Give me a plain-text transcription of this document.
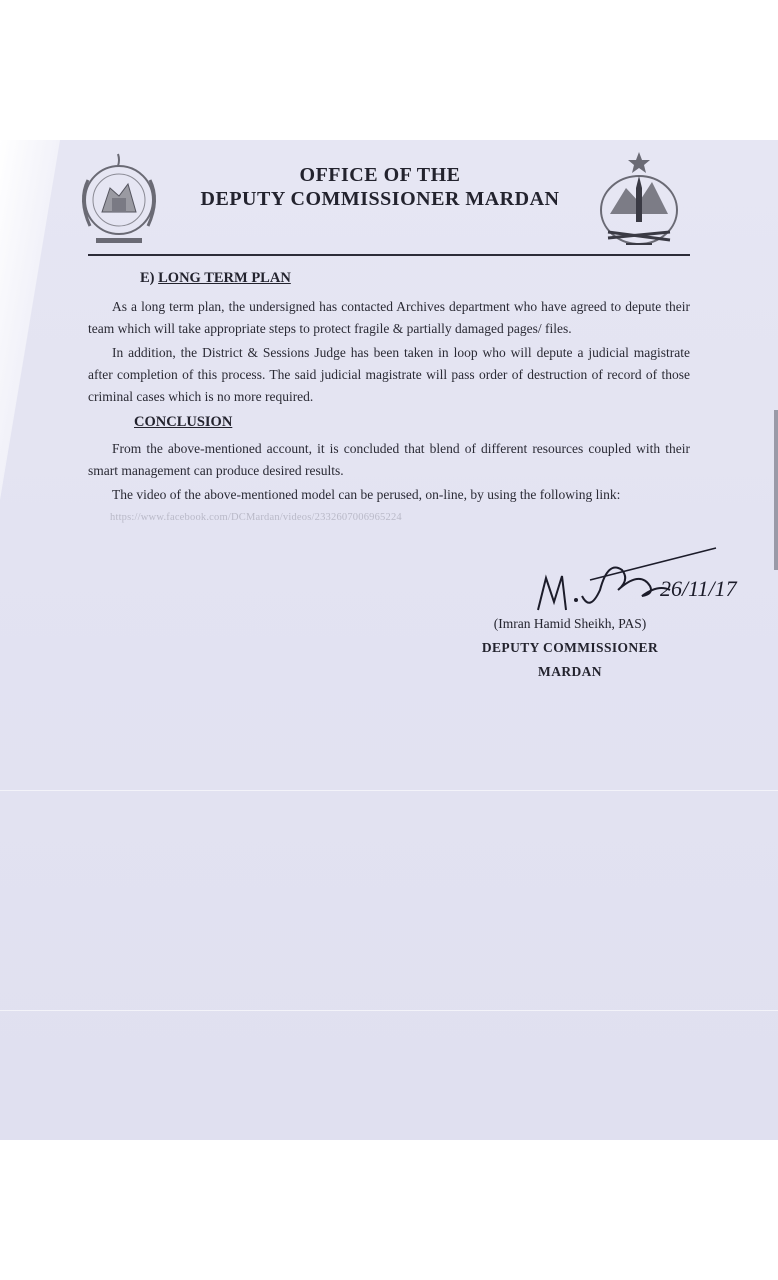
OFFICE OF THE
DEPUTY COMMISSIONER MARDAN
E) LONG TERM PLAN
As a long term plan, the undersigned has contacted Archives department who have agreed to depute their team which will take appropriate steps to protect fragile & partially damaged pages/ files.
In addition, the District & Sessions Judge has been taken in loop who will depute a judicial magistrate after completion of this process. The said judicial magistrate will pass order of destruction of record of those criminal cases which is no more required.
CONCLUSION
From the above-mentioned account, it is concluded that blend of different resources coupled with their smart management can produce desired results.
The video of the above-mentioned model can be perused, on-line, by using the following link:
https://www.facebook.com/DCMardan/videos/2332607006965224
26/11/17
(Imran Hamid Sheikh, PAS)
DEPUTY COMMISSIONER
MARDAN
